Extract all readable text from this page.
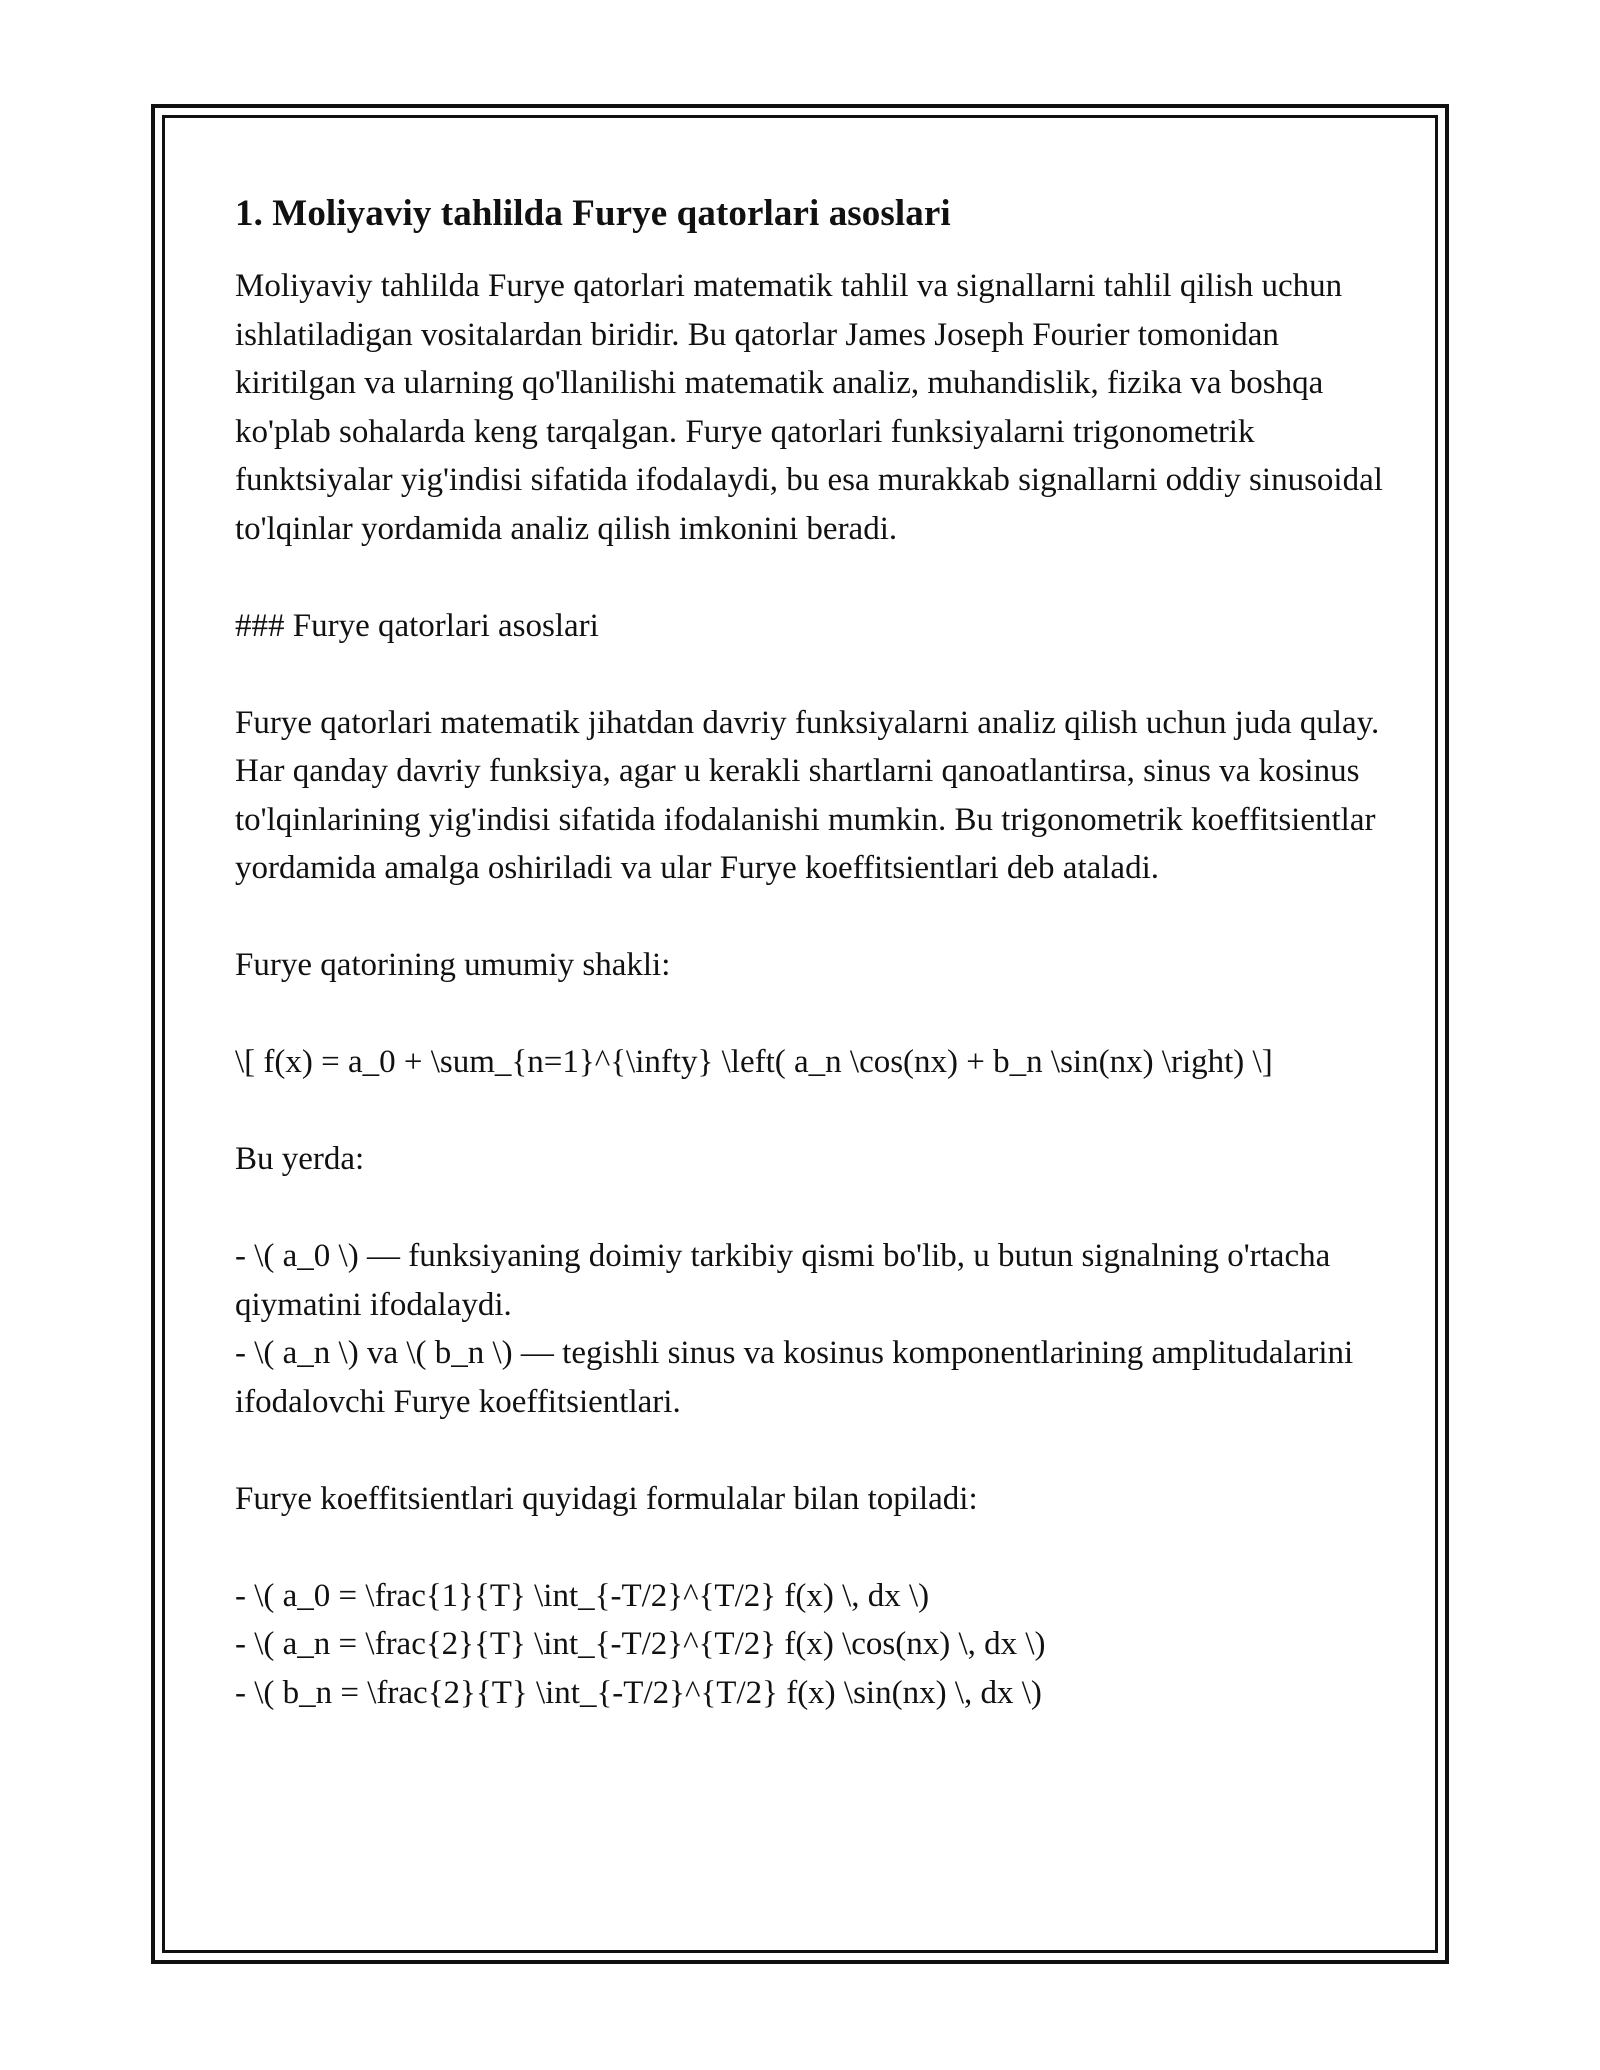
1. Moliyaviy tahlilda Furye qatorlari asoslari

Moliyaviy tahlilda Furye qatorlari matematik tahlil va signallarni tahlil qilish uchun ishlatiladigan vositalardan biridir. Bu qatorlar James Joseph Fourier tomonidan kiritilgan va ularning qo'llanilishi matematik analiz, muhandislik, fizika va boshqa ko'plab sohalarda keng tarqalgan. Furye qatorlari funksiyalarni trigonometrik funktsiyalar yig'indisi sifatida ifodalaydi, bu esa murakkab signallarni oddiy sinusoidal to'lqinlar yordamida analiz qilish imkonini beradi.

### Furye qatorlari asoslari

Furye qatorlari matematik jihatdan davriy funksiyalarni analiz qilish uchun juda qulay. Har qanday davriy funksiya, agar u kerakli shartlarni qanoatlantirsa, sinus va kosinus to'lqinlarining yig'indisi sifatida ifodalanishi mumkin. Bu trigonometrik koeffitsientlar yordamida amalga oshiriladi va ular Furye koeffitsientlari deb ataladi.

Furye qatorining umumiy shakli:

\[ f(x) = a_0 + \sum_{n=1}^{\infty} \left( a_n \cos(nx) + b_n \sin(nx) \right) \]

Bu yerda:

- \( a_0 \) — funksiyaning doimiy tarkibiy qismi bo'lib, u butun signalning o'rtacha qiymatini ifodalaydi.

- \( a_n \) va \( b_n \) — tegishli sinus va kosinus komponentlarining amplitudalarini ifodalovchi Furye koeffitsientlari.

Furye koeffitsientlari quyidagi formulalar bilan topiladi:

- \( a_0 = \frac{1}{T} \int_{-T/2}^{T/2} f(x) \, dx \)

- \( a_n = \frac{2}{T} \int_{-T/2}^{T/2} f(x) \cos(nx) \, dx \)

- \( b_n = \frac{2}{T} \int_{-T/2}^{T/2} f(x) \sin(nx) \, dx \)
